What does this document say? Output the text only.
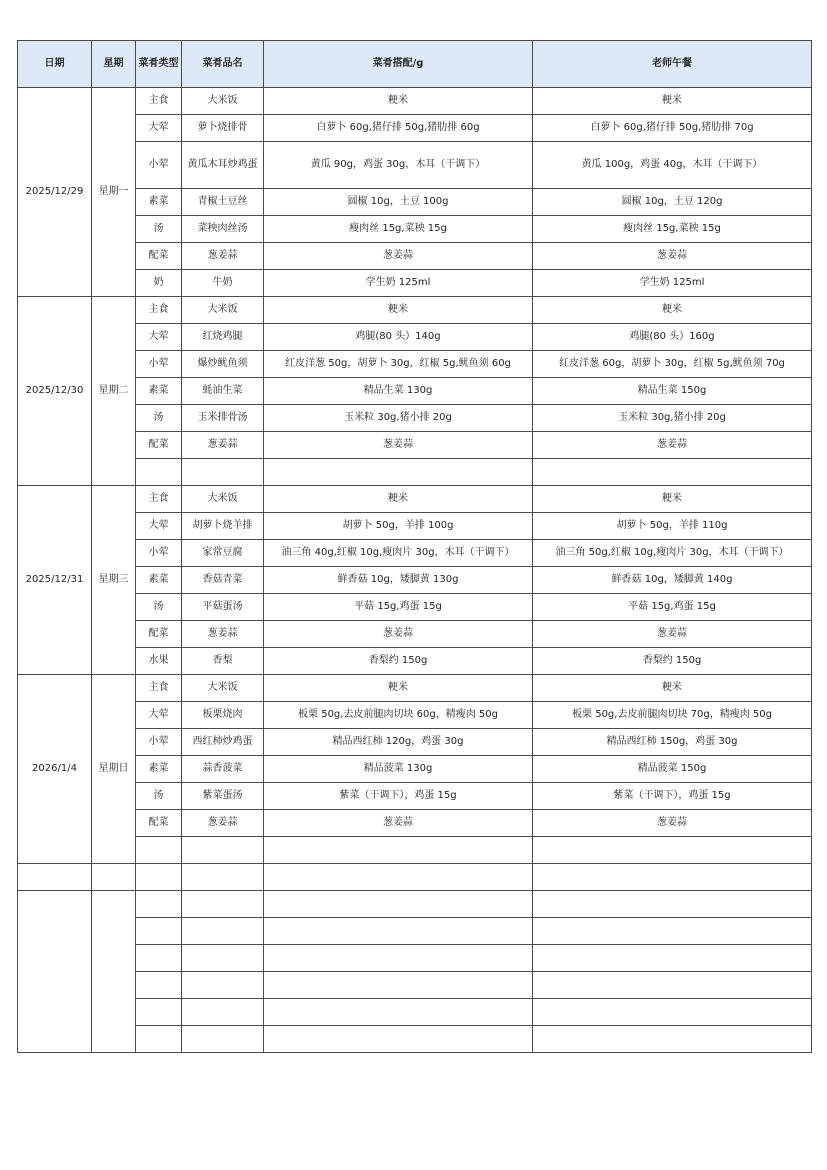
日期	星期	菜肴类型	菜肴品名	菜肴搭配/g	老师午餐
2025/12/29	星期一	主食	大米饭	粳米	粳米
		大荤	萝卜烧排骨	白萝卜 60g,猪仔排 50g,猪肋排 60g	白萝卜 60g,猪仔排 50g,猪肋排 70g
		小荤	黄瓜木耳炒鸡蛋	黄瓜 90g，鸡蛋 30g，木耳（干调下）	黄瓜 100g，鸡蛋 40g，木耳（干调下）
		素菜	青椒土豆丝	圆椒 10g，土豆 100g	圆椒 10g，土豆 120g
		汤	菜秧肉丝汤	瘦肉丝 15g,菜秧 15g	瘦肉丝 15g,菜秧 15g
		配菜	葱姜蒜	葱姜蒜	葱姜蒜
		奶	牛奶	学生奶 125ml	学生奶 125ml
2025/12/30	星期二	主食	大米饭	粳米	粳米
		大荤	红烧鸡腿	鸡腿(80 头）140g	鸡腿(80 头）160g
		小荤	爆炒鱿鱼须	红皮洋葱 50g，胡萝卜 30g，红椒 5g,鱿鱼须 60g	红皮洋葱 60g，胡萝卜 30g，红椒 5g,鱿鱼须 70g
		素菜	蚝油生菜	精品生菜 130g	精品生菜 150g
		汤	玉米排骨汤	玉米粒 30g,猪小排 20g	玉米粒 30g,猪小排 20g
		配菜	葱姜蒜	葱姜蒜	葱姜蒜

2025/12/31	星期三	主食	大米饭	粳米	粳米
		大荤	胡萝卜烧羊排	胡萝卜 50g，羊排 100g	胡萝卜 50g，羊排 110g
		小荤	家常豆腐	油三角 40g,红椒 10g,瘦肉片 30g，木耳（干调下）	油三角 50g,红椒 10g,瘦肉片 30g，木耳（干调下）
		素菜	香菇青菜	鲜香菇 10g，矮脚黄 130g	鲜香菇 10g，矮脚黄 140g
		汤	平菇蛋汤	平菇 15g,鸡蛋 15g	平菇 15g,鸡蛋 15g
		配菜	葱姜蒜	葱姜蒜	葱姜蒜
		水果	香梨	香梨约 150g	香梨约 150g
2026/1/4	星期日	主食	大米饭	粳米	粳米
		大荤	板栗烧肉	板栗 50g,去皮前腿肉切块 60g，精瘦肉 50g	板栗 50g,去皮前腿肉切块 70g，精瘦肉 50g
		小荤	西红柿炒鸡蛋	精品西红柿 120g，鸡蛋 30g	精品西红柿 150g，鸡蛋 30g
		素菜	蒜香菠菜	精品菠菜 130g	精品菠菜 150g
		汤	紫菜蛋汤	紫菜（干调下），鸡蛋 15g	紫菜（干调下），鸡蛋 15g
		配菜	葱姜蒜	葱姜蒜	葱姜蒜
